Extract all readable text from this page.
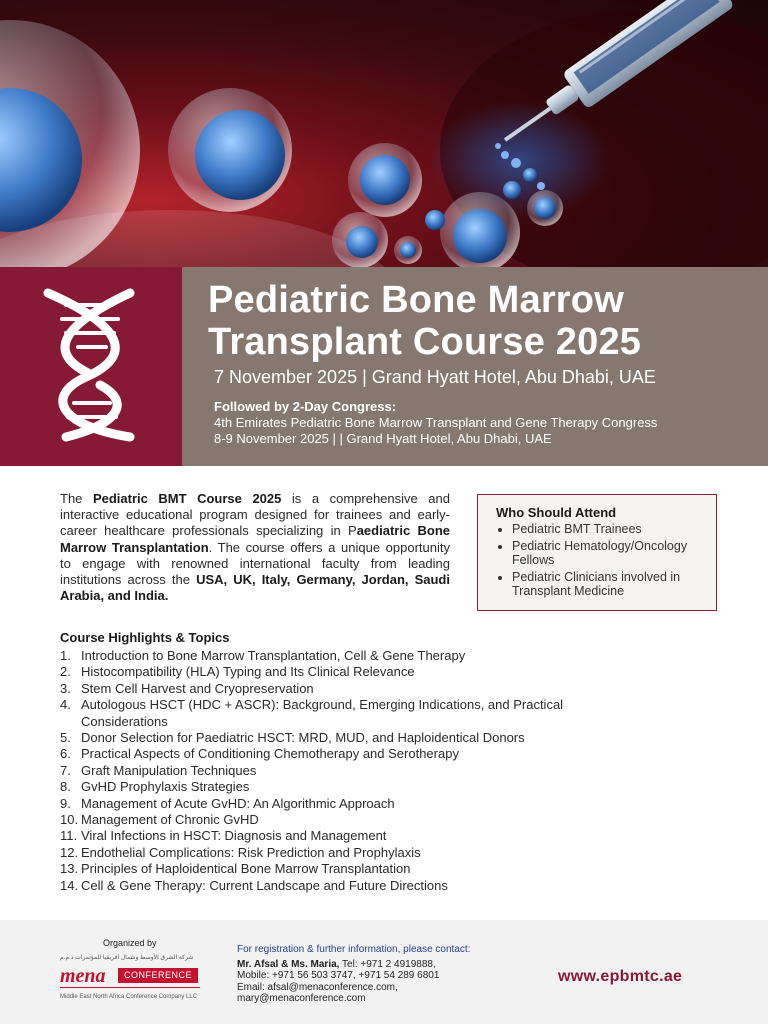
Pediatric Bone Marrow
Transplant Course 2025
7 November 2025 | Grand Hyatt Hotel, Abu Dhabi, UAE
Followed by 2-Day Congress:
4th Emirates Pediatric Bone Marrow Transplant and Gene Therapy Congress
8-9 November 2025 | | Grand Hyatt Hotel, Abu Dhabi, UAE

The Pediatric BMT Course 2025 is a comprehensive and interactive educational program designed for trainees and early-career healthcare professionals specializing in Paediatric Bone Marrow Transplantation. The course offers a unique opportunity to engage with renowned international faculty from leading institutions across the USA, UK, Italy, Germany, Jordan, Saudi Arabia, and India.

Who Should Attend
• Pediatric BMT Trainees
• Pediatric Hematology/Oncology Fellows
• Pediatric Clinicians involved in Transplant Medicine
Course Highlights & Topics
1. Introduction to Bone Marrow Transplantation, Cell & Gene Therapy
2. Histocompatibility (HLA) Typing and Its Clinical Relevance
3. Stem Cell Harvest and Cryopreservation
4. Autologous HSCT (HDC + ASCR): Background, Emerging Indications, and Practical Considerations
5. Donor Selection for Paediatric HSCT: MRD, MUD, and Haploidentical Donors
6. Practical Aspects of Conditioning Chemotherapy and Serotherapy
7. Graft Manipulation Techniques
8. GvHD Prophylaxis Strategies
9. Management of Acute GvHD: An Algorithmic Approach
10. Management of Chronic GvHD
11. Viral Infections in HSCT: Diagnosis and Management
12. Endothelial Complications: Risk Prediction and Prophylaxis
13. Principles of Haploidentical Bone Marrow Transplantation
14. Cell & Gene Therapy: Current Landscape and Future Directions
Organized by
شركة الشرق الأوسط وشمال افريقيا للمؤتمرات ذ.م.م
mena	CONFERENCE
Middle East North Africa Conference Company LLC
For registration & further information, please contact:
Mr. Afsal & Ms. Maria, Tel: +971 2 4919888,
Mobile: +971 56 503 3747, +971 54 289 6801
Email: afsal@menaconference.com,
mary@menaconference.com
www.epbmtc.ae
